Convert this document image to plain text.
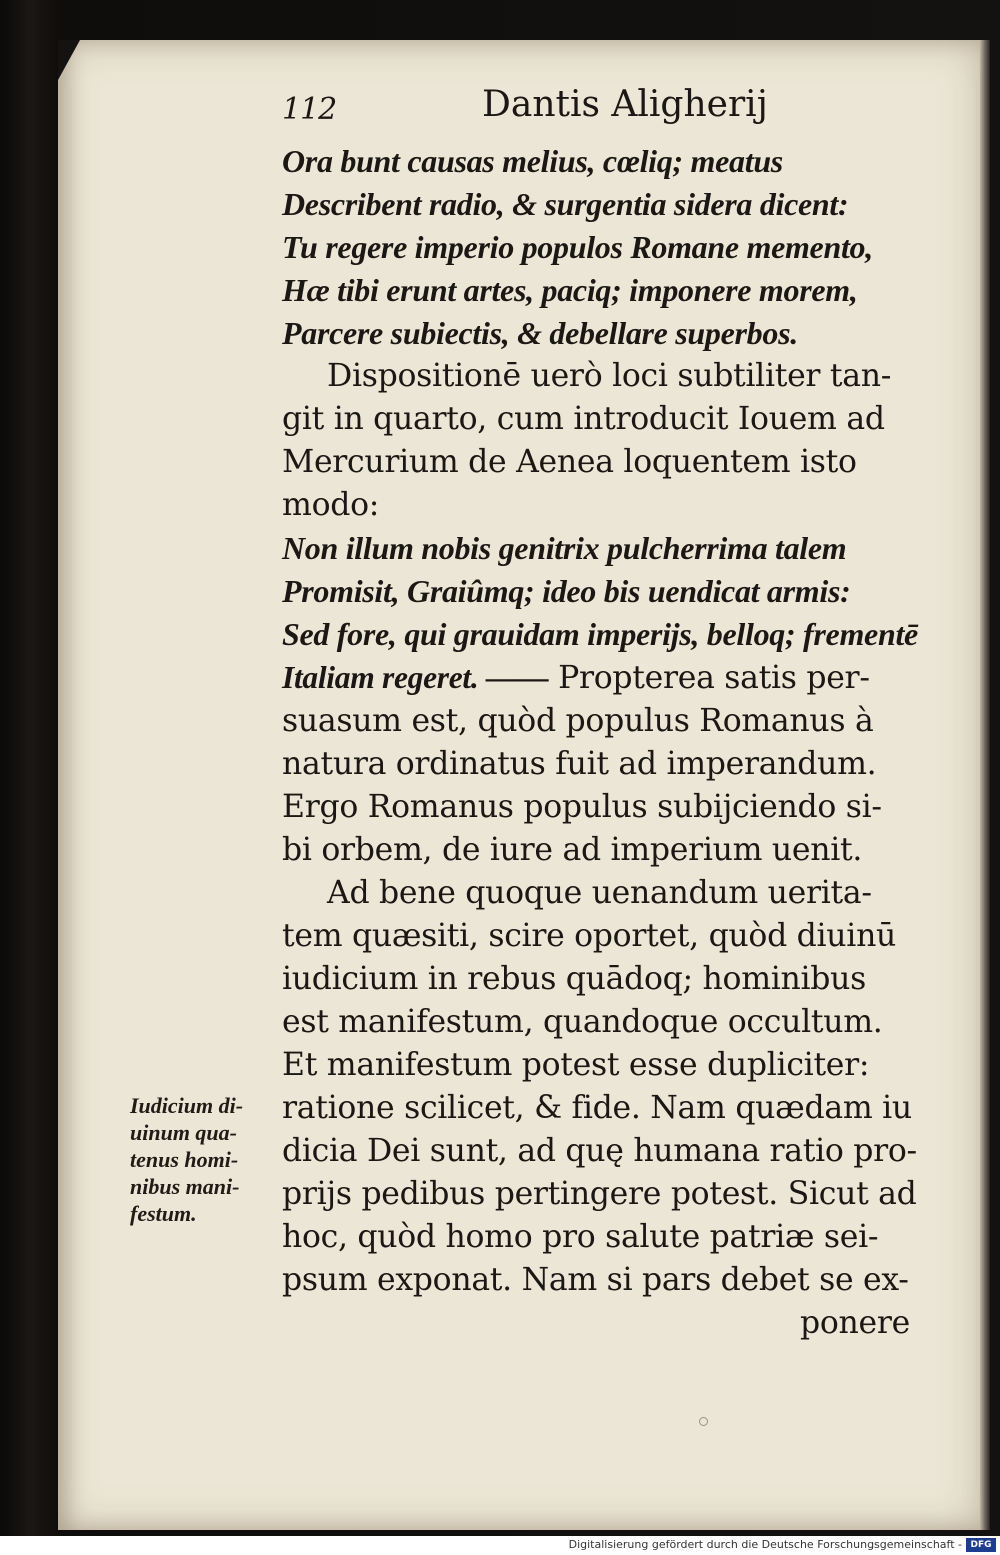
112	Dantis Aligherij
Ora bunt causas melius, cœliq; meatus
Describent radio, & surgentia sidera dicent:
Tu regere imperio populos Romane memento,
Hæ tibi erunt artes, paciq; imponere morem,
Parcere subiectis, & debellare superbos.
Dispositionē uerò loci subtiliter tan-
git in quarto, cum introducit Iouem ad
Mercurium de Aenea loquentem isto
modo:
Non illum nobis genitrix pulcherrima talem
Promisit, Graiûmq; ideo bis uendicat armis:
Sed fore, qui grauidam imperijs, belloq; frementē
Italiam regeret. —— Propterea satis per-
suasum est, quòd populus Romanus à
natura ordinatus fuit ad imperandum.
Ergo Romanus populus subijciendo si-
bi orbem, de iure ad imperium uenit.
Ad bene quoque uenandum uerita-
tem quæsiti, scire oportet, quòd diuinū
iudicium in rebus quādoq; hominibus
est manifestum, quandoque occultum.
Et manifestum potest esse dupliciter:
ratione scilicet, & fide. Nam quædam iu
dicia Dei sunt, ad quę humana ratio pro-
prijs pedibus pertingere potest. Sicut ad
hoc, quòd homo pro salute patriæ sei-
psum exponat. Nam si pars debet se ex-
ponere
Iudicium di-
uinum qua-
tenus homi-
nibus mani-
festum.
Digitalisierung gefördert durch die Deutsche Forschungsgemeinschaft - DFG
